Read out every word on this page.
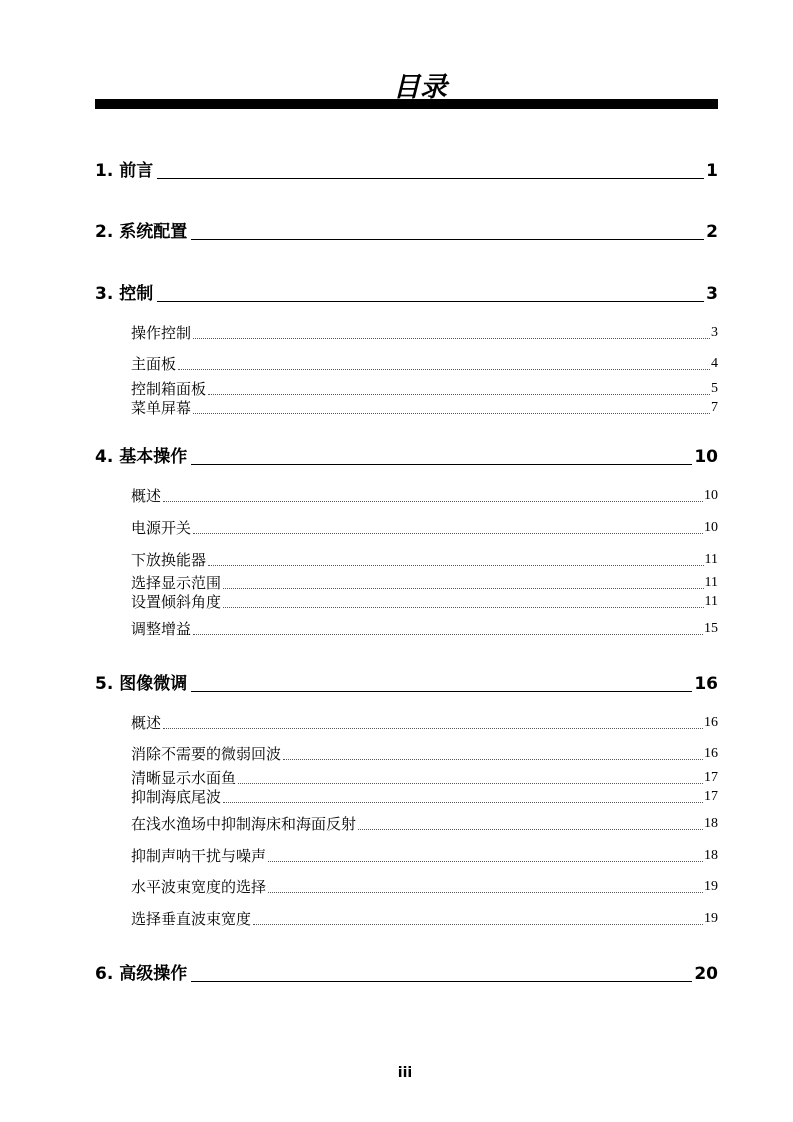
目录
1. 前言	1
2. 系统配置	2
3. 控制	3
操作控制	3
主面板	4
控制箱面板	5
菜单屏幕	7
4. 基本操作	10
概述	10
电源开关	10
下放换能器	11
选择显示范围	11
设置倾斜角度	11
调整增益	15
5. 图像微调	16
概述	16
消除不需要的微弱回波	16
清晰显示水面鱼	17
抑制海底尾波	17
在浅水渔场中抑制海床和海面反射	18
抑制声呐干扰与噪声	18
水平波束宽度的选择	19
选择垂直波束宽度	19
6. 高级操作	20
iii
